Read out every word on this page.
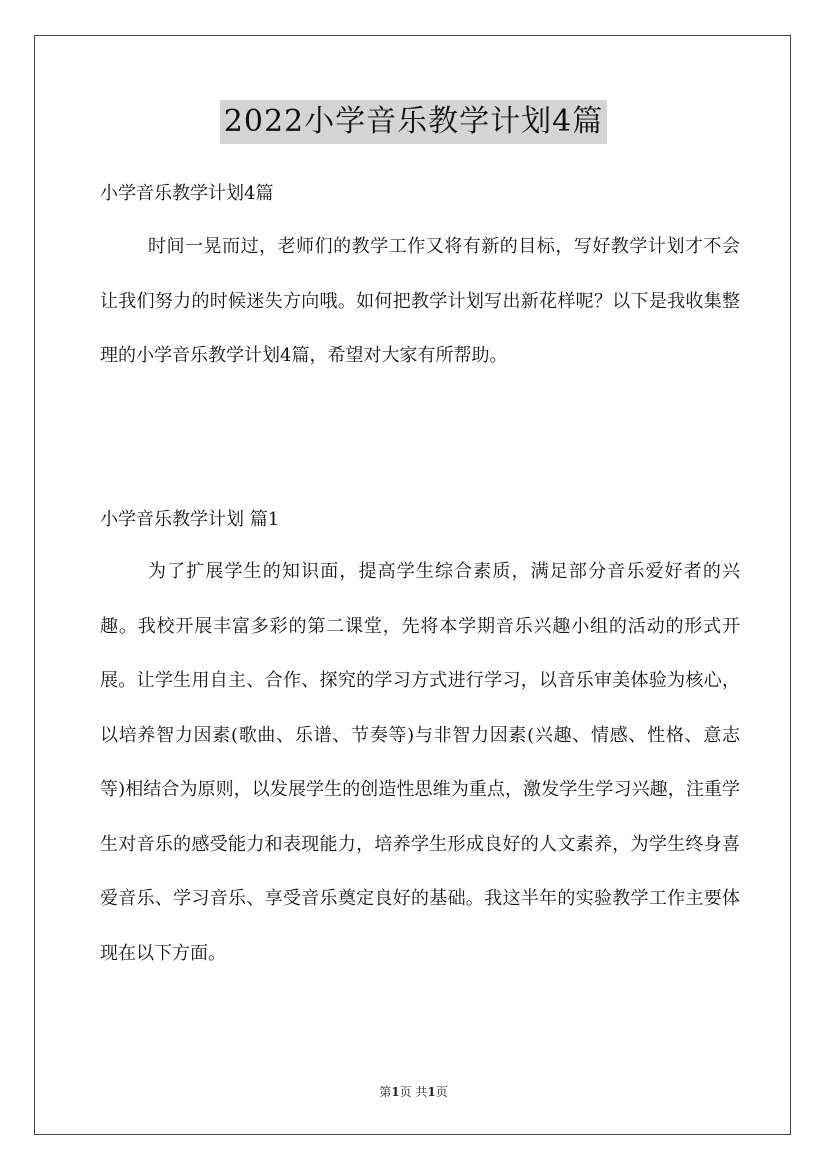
2022小学音乐教学计划4篇
小学音乐教学计划4篇

时间一晃而过，老师们的教学工作又将有新的目标，写好教学计划才不会让我们努力的时候迷失方向哦。如何把教学计划写出新花样呢？以下是我收集整理的小学音乐教学计划4篇，希望对大家有所帮助。

小学音乐教学计划 篇1

为了扩展学生的知识面，提高学生综合素质，满足部分音乐爱好者的兴趣。我校开展丰富多彩的第二课堂，先将本学期音乐兴趣小组的活动的形式开展。让学生用自主、合作、探究的学习方式进行学习，以音乐审美体验为核心，以培养智力因素(歌曲、乐谱、节奏等)与非智力因素(兴趣、情感、性格、意志等)相结合为原则，以发展学生的创造性思维为重点，激发学生学习兴趣，注重学生对音乐的感受能力和表现能力，培养学生形成良好的人文素养，为学生终身喜爱音乐、学习音乐、享受音乐奠定良好的基础。我这半年的实验教学工作主要体现在以下方面。

第1页 共1页
